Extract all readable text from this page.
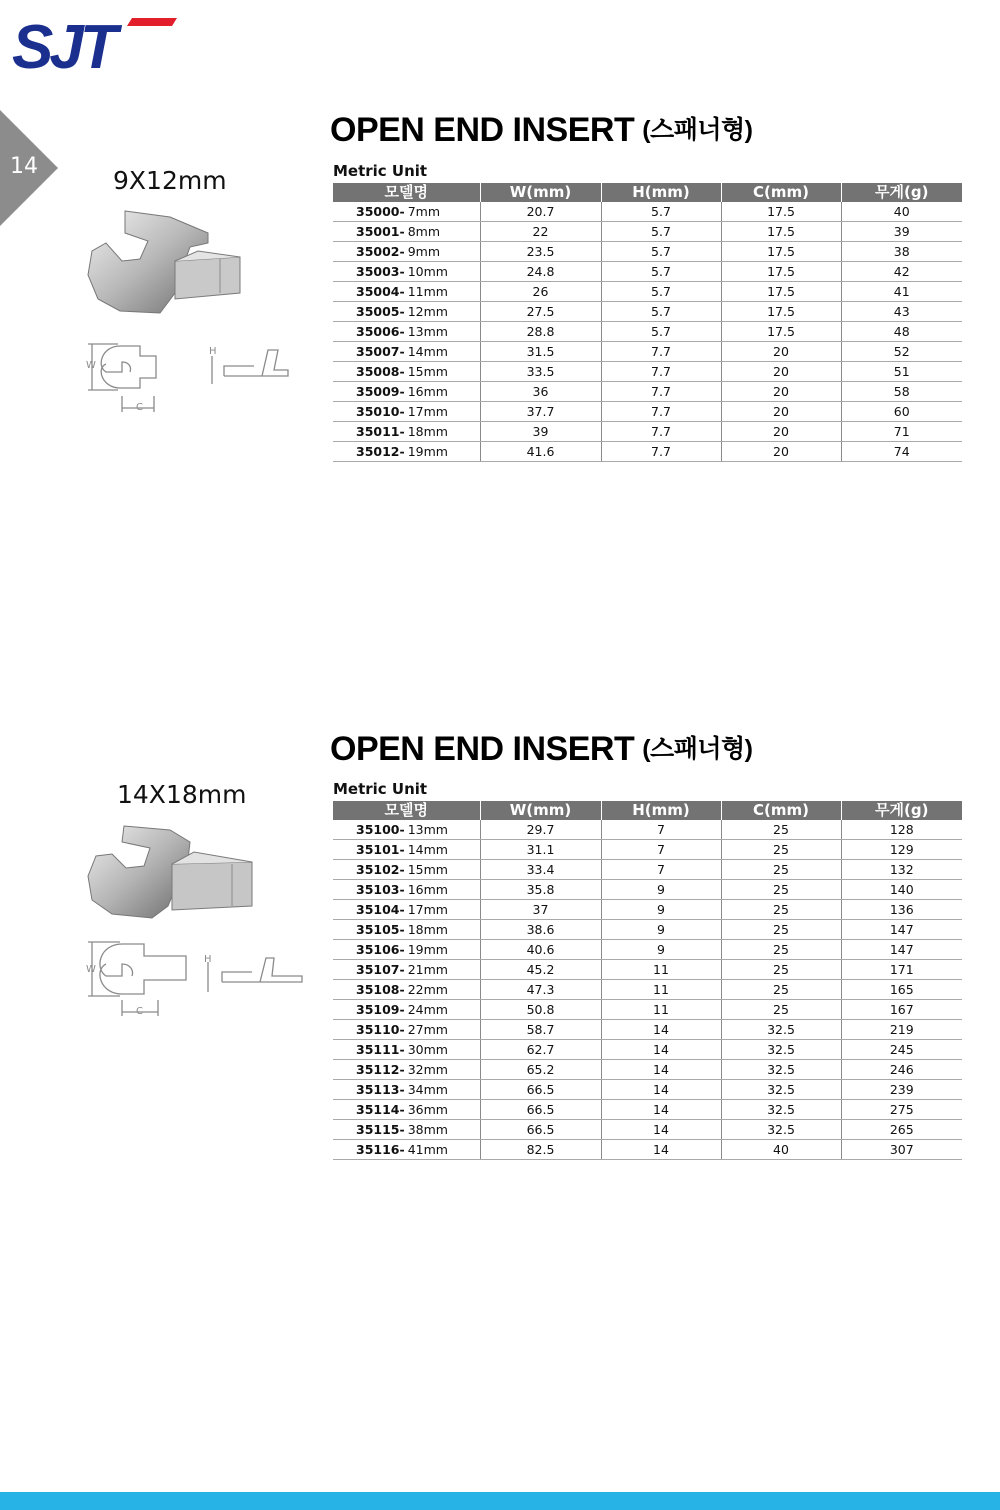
SJT
14	9X12mm
W
H
C
OPEN END INSERT (스패너형)
Metric Unit
모델명	W(mm)	H(mm)	C(mm)	무게(g)
35000- 7mm	20.7	5.7	17.5	40
35001- 8mm	22	5.7	17.5	39
35002- 9mm	23.5	5.7	17.5	38
35003- 10mm	24.8	5.7	17.5	42
35004- 11mm	26	5.7	17.5	41
35005- 12mm	27.5	5.7	17.5	43
35006- 13mm	28.8	5.7	17.5	48
35007- 14mm	31.5	7.7	20	52
35008- 15mm	33.5	7.7	20	51
35009- 16mm	36	7.7	20	58
35010- 17mm	37.7	7.7	20	60
35011- 18mm	39	7.7	20	71
35012- 19mm	41.6	7.7	20	74
14X18mm
W
H
C
OPEN END INSERT (스패너형)
Metric Unit
모델명	W(mm)	H(mm)	C(mm)	무게(g)
35100- 13mm	29.7	7	25	128
35101- 14mm	31.1	7	25	129
35102- 15mm	33.4	7	25	132
35103- 16mm	35.8	9	25	140
35104- 17mm	37	9	25	136
35105- 18mm	38.6	9	25	147
35106- 19mm	40.6	9	25	147
35107- 21mm	45.2	11	25	171
35108- 22mm	47.3	11	25	165
35109- 24mm	50.8	11	25	167
35110- 27mm	58.7	14	32.5	219
35111- 30mm	62.7	14	32.5	245
35112- 32mm	65.2	14	32.5	246
35113- 34mm	66.5	14	32.5	239
35114- 36mm	66.5	14	32.5	275
35115- 38mm	66.5	14	32.5	265
35116- 41mm	82.5	14	40	307
